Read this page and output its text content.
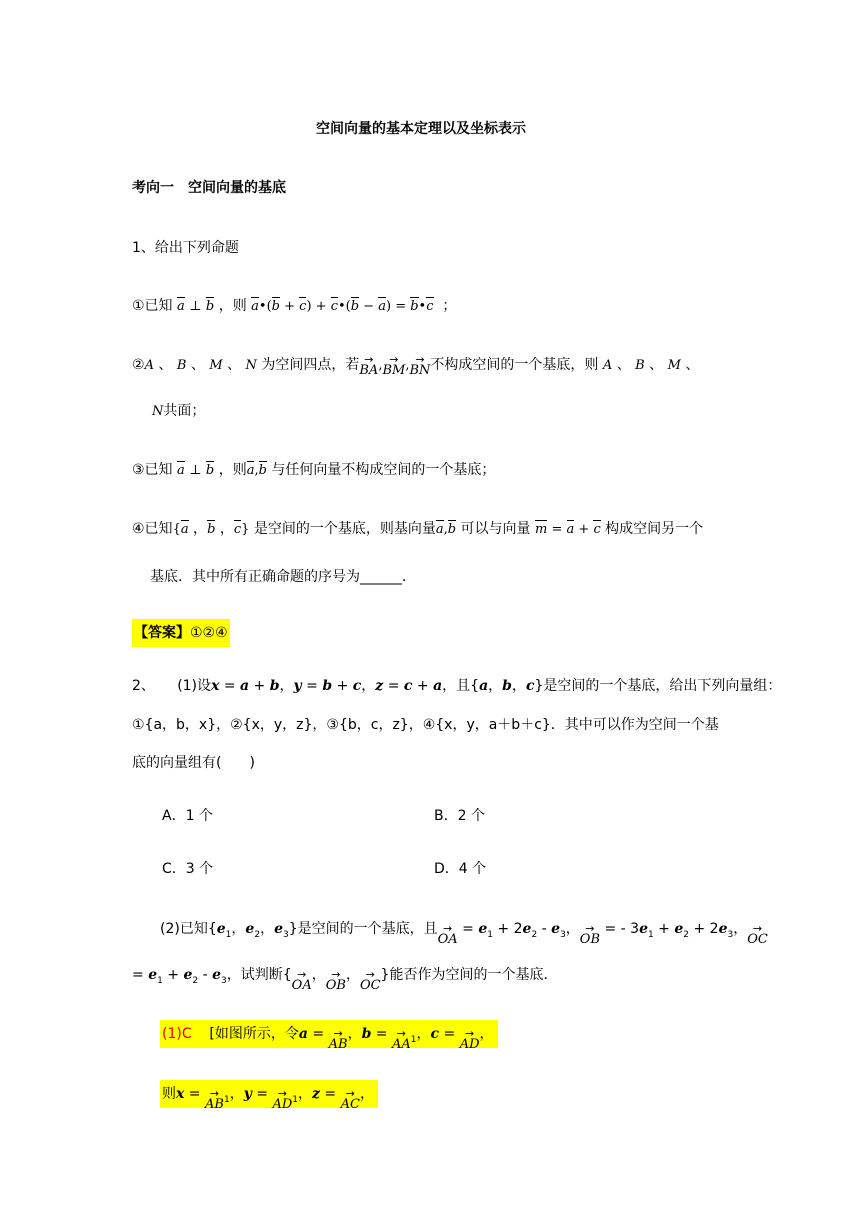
空间向量的基本定理以及坐标表示
考向一　空间向量的基底
1、给出下列命题
①已知 a ⊥ b ，则 a•(b + c) + c•(b − a) = b•c ；
②A 、 B 、 M 、 N 为空间四点，若 →
BA , →
BM , →
BN 不构成空间的一个基底，则 A 、 B 、 M 、
N共面；
③已知 a ⊥ b ，则a,b 与任何向量不构成空间的一个基底；
④已知{a ，b ，c} 是空间的一个基底，则基向量a,b 可以与向量 m = a + c 构成空间另一个
基底．其中所有正确命题的序号为______．
【答案】①②④
2、 (1)设x = a + b，y = b + c，z = c + a，且{a，b，c}是空间的一个基底，给出下列向量组：
①{a，b，x}，②{x，y，z}，③{b，c，z}，④{x，y，a＋b＋c}．其中可以作为空间一个基
底的向量组有(　　)
A．1 个	B．2 个
C．3 个	D．4 个
(2)已知{$e_1$，$e_2$，$e_3$}是空间的一个基底，且 →
OA
= $e_1 + 2e_2 - e_3$， →
OB
= - $3e_1 + e_2 + 2e_3$， →
OC
= $e_1 + e_2 - e_3$，试判断{ →
OA
， →
OB
， →
OC
}能否作为空间的一个基底．
(1)C [如图所示，令a = →
AB
，b = →
AA $_1$，c = →
AD
，
则x = →
AB $_1$，y = →
AD $_1$，z = →
AC
，
